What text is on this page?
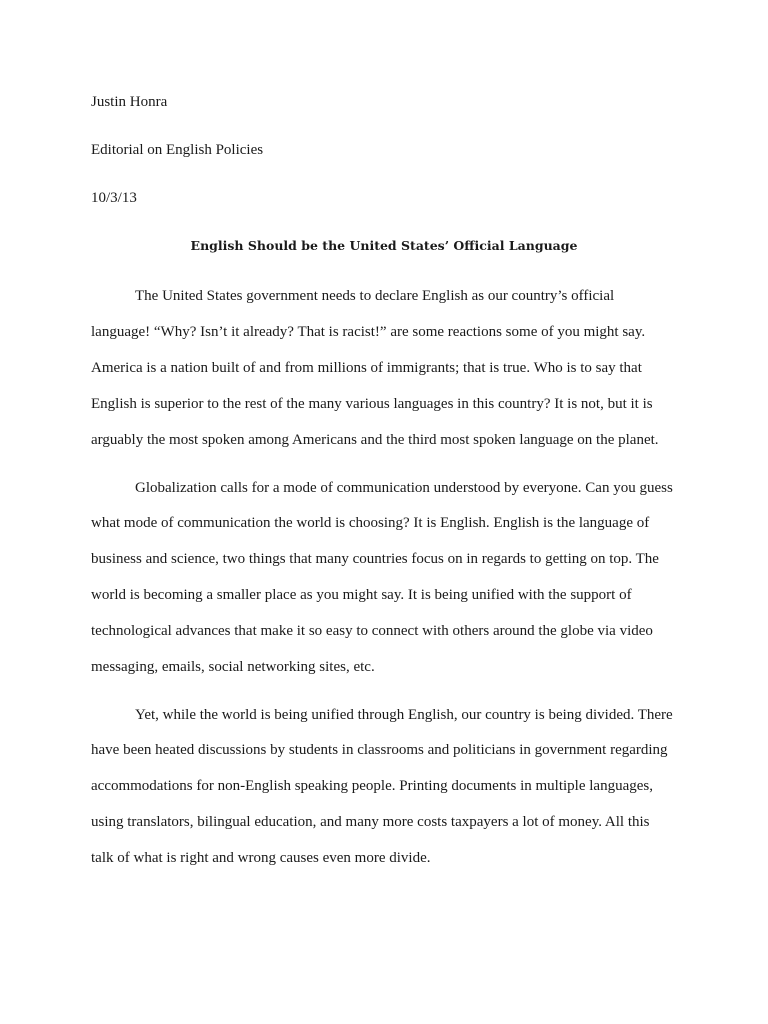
Justin Honra
Editorial on English Policies
10/3/13
English Should be the United States’ Official Language
The United States government needs to declare English as our country’s official
language! “Why? Isn’t it already? That is racist!” are some reactions some of you might say.
America is a nation built of and from millions of immigrants; that is true. Who is to say that
English is superior to the rest of the many various languages in this country? It is not, but it is
arguably the most spoken among Americans and the third most spoken language on the planet.
Globalization calls for a mode of communication understood by everyone. Can you guess
what mode of communication the world is choosing? It is English. English is the language of
business and science, two things that many countries focus on in regards to getting on top. The
world is becoming a smaller place as you might say. It is being unified with the support of
technological advances that make it so easy to connect with others around the globe via video
messaging, emails, social networking sites, etc.
Yet, while the world is being unified through English, our country is being divided. There
have been heated discussions by students in classrooms and politicians in government regarding
accommodations for non-English speaking people. Printing documents in multiple languages,
using translators, bilingual education, and many more costs taxpayers a lot of money. All this
talk of what is right and wrong causes even more divide.
